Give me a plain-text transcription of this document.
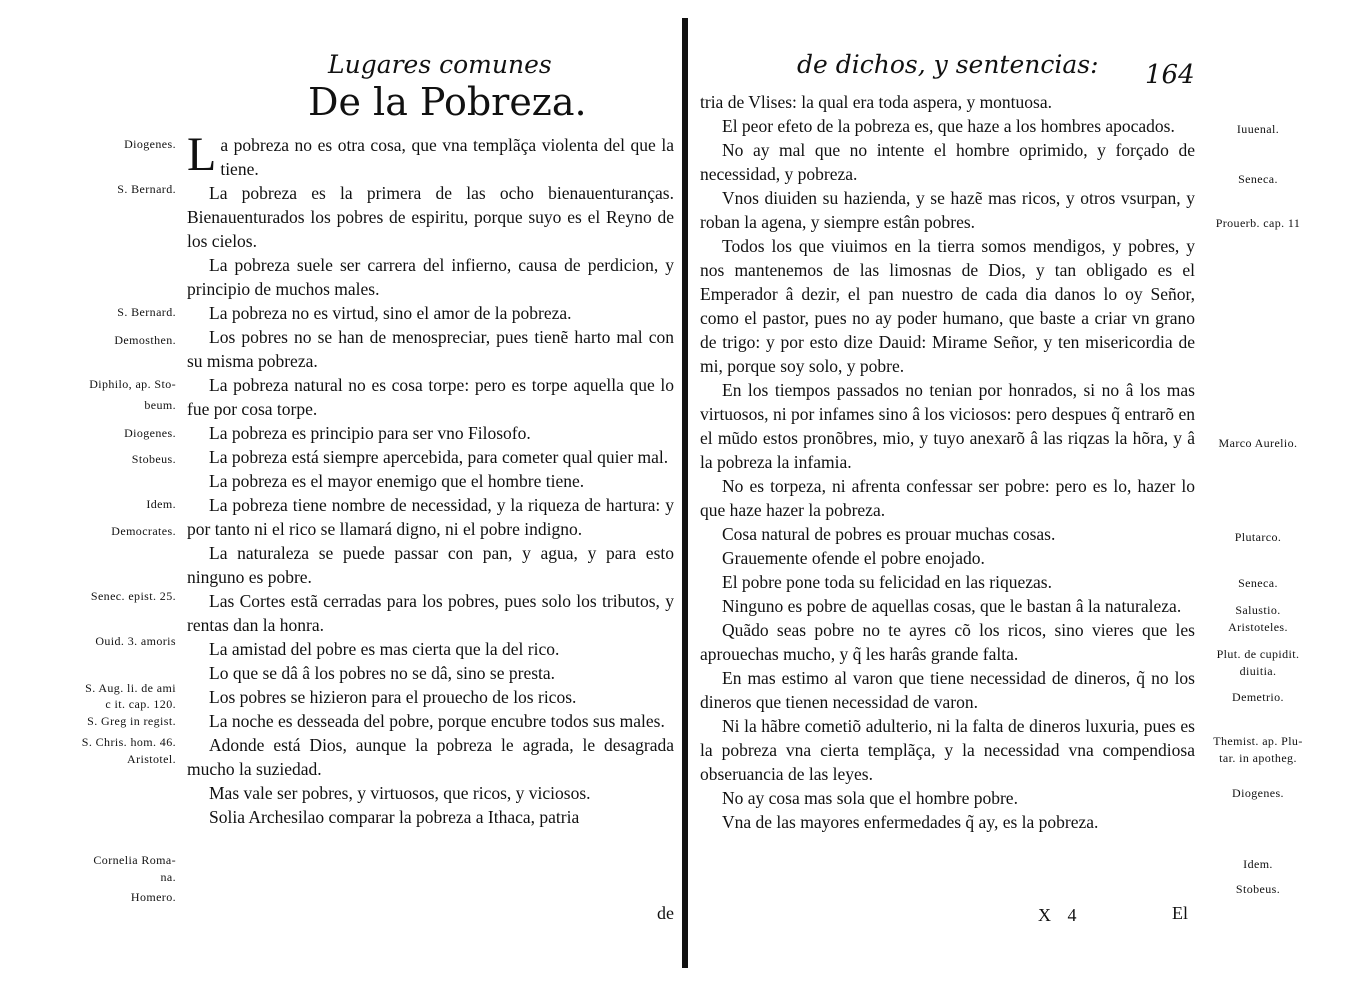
Lugares comunes
De la Pobreza.

La pobreza no es otra cosa, que vna templãça violenta del que la tiene.

La pobreza es la primera de las ocho bienauenturanças. Bienauenturados los pobres de espiritu, porque suyo es el Reyno de los cielos.

La pobreza suele ser carrera del infierno, causa de perdicion, y principio de muchos males.

La pobreza no es virtud, sino el amor de la pobreza.

Los pobres no se han de menospreciar, pues tienẽ harto mal con su misma pobreza.

La pobreza natural no es cosa torpe: pero es torpe aquella que lo fue por cosa torpe.

La pobreza es principio para ser vno Filosofo.

La pobreza está siempre apercebida, para cometer qual quier mal.

La pobreza es el mayor enemigo que el hombre tiene.

La pobreza tiene nombre de necessidad, y la riqueza de hartura: y por tanto ni el rico se llamará digno, ni el pobre indigno.

La naturaleza se puede passar con pan, y agua, y para esto ninguno es pobre.

Las Cortes estã cerradas para los pobres, pues solo los tributos, y rentas dan la honra.

La amistad del pobre es mas cierta que la del rico.

Lo que se dâ â los pobres no se dâ, sino se presta.

Los pobres se hizieron para el prouecho de los ricos.

La noche es desseada del pobre, porque encubre todos sus males.

Adonde está Dios, aunque la pobreza le agrada, le desagrada mucho la suziedad.

Mas vale ser pobres, y virtuosos, que ricos, y viciosos.

Solia Archesilao comparar la pobreza a Ithaca, patria

Diogenes.
S. Bernard.
S. Bernard.
Demosthen.
Diphilo, ap. Sto-
beum.
Diogenes.
Stobeus.
Idem.
Democrates.
Senec. epist. 25.
Ouid. 3. amoris
S. Aug. li. de ami
c it. cap. 120.
S. Greg in regist.
S. Chris. hom. 46.
Aristotel.
Cornelia Roma-
na.
Homero.
de
de dichos, y sentencias: 164

tria de Vlises: la qual era toda aspera, y montuosa.

El peor efeto de la pobreza es, que haze a los hombres apocados.

No ay mal que no intente el hombre oprimido, y forçado de necessidad, y pobreza.

Vnos diuiden su hazienda, y se hazẽ mas ricos, y otros vsurpan, y roban la agena, y siempre estân pobres.

Todos los que viuimos en la tierra somos mendigos, y pobres, y nos mantenemos de las limosnas de Dios, y tan obligado es el Emperador â dezir, el pan nuestro de cada dia danos lo oy Señor, como el pastor, pues no ay poder humano, que baste a criar vn grano de trigo: y por esto dize Dauid: Mirame Señor, y ten misericordia de mi, porque soy solo, y pobre.

En los tiempos passados no tenian por honrados, si no â los mas virtuosos, ni por infames sino â los viciosos: pero despues q̃ entrarõ en el mũdo estos pronõbres, mio, y tuyo anexarõ â las riqzas la hõra, y â la pobreza la infamia.

No es torpeza, ni afrenta confessar ser pobre: pero es lo, hazer lo que haze hazer la pobreza.

Cosa natural de pobres es prouar muchas cosas.

Grauemente ofende el pobre enojado.

El pobre pone toda su felicidad en las riquezas.

Ninguno es pobre de aquellas cosas, que le bastan â la naturaleza.

Quãdo seas pobre no te ayres cõ los ricos, sino vieres que les aprouechas mucho, y q̃ les harâs grande falta.

En mas estimo al varon que tiene necessidad de dineros, q̃ no los dineros que tienen necessidad de varon.

Ni la hãbre cometiõ adulterio, ni la falta de dineros luxuria, pues es la pobreza vna cierta templãça, y la necessidad vna compendiosa obseruancia de las leyes.

No ay cosa mas sola que el hombre pobre.

Vna de las mayores enfermedades q̃ ay, es la pobreza.

Iuuenal.
Seneca.
Prouerb. cap. 11
Marco Aurelio.
Plutarco.
Seneca.
Salustio.
Aristoteles.
Plut. de cupidit.
diuitia.
Demetrio.
Themist. ap. Plu-
tar. in apotheg.
Diogenes.
Idem.
Stobeus.
X 4	El
